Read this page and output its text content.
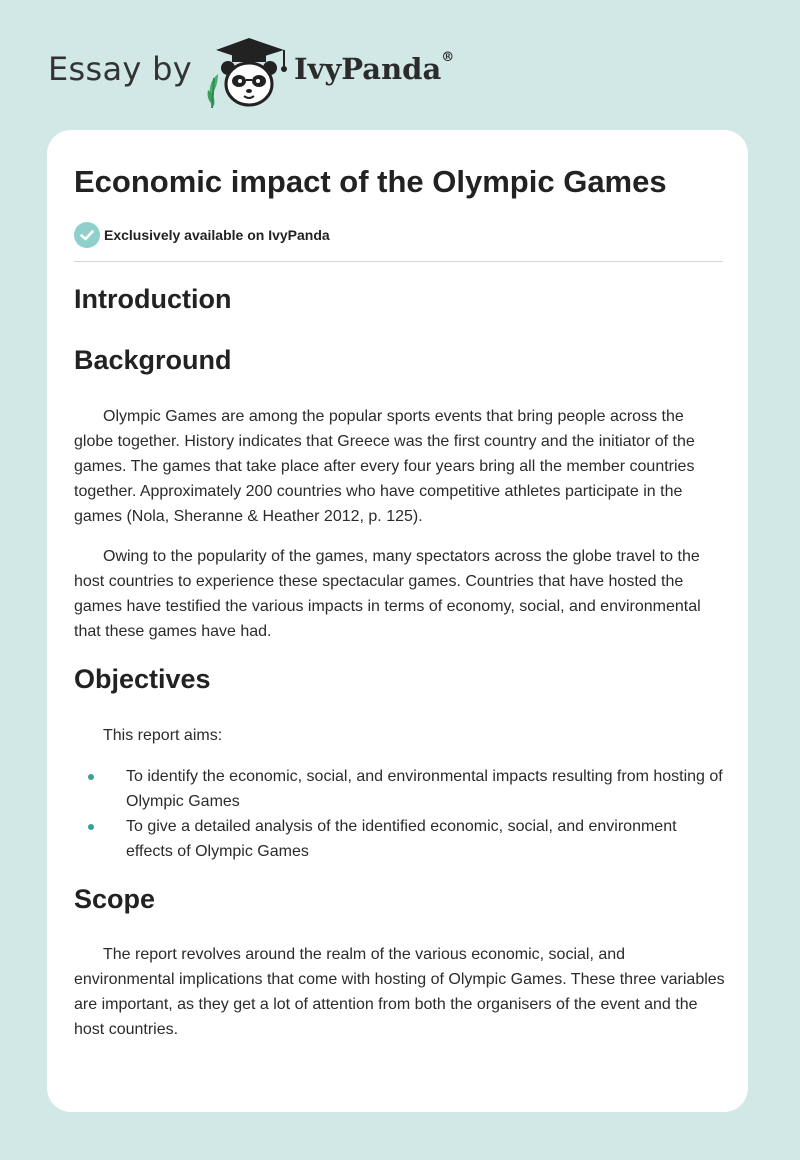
Essay by	IvyPanda®
Economic impact of the Olympic Games
Exclusively available on IvyPanda
Introduction
Background

Olympic Games are among the popular sports events that bring people across the globe together. History indicates that Greece was the first country and the initiator of the games. The games that take place after every four years bring all the member countries together. Approximately 200 countries who have competitive athletes participate in the games (Nola, Sheranne & Heather 2012, p. 125).

Owing to the popularity of the games, many spectators across the globe travel to the host countries to experience these spectacular games. Countries that have hosted the games have testified the various impacts in terms of economy, social, and environmental that these games have had.

Objectives

This report aims:

To identify the economic, social, and environmental impacts resulting from hosting of Olympic Games
To give a detailed analysis of the identified economic, social, and environment effects of Olympic Games
Scope

The report revolves around the realm of the various economic, social, and environmental implications that come with hosting of Olympic Games. These three variables are important, as they get a lot of attention from both the organisers of the event and the host countries.
